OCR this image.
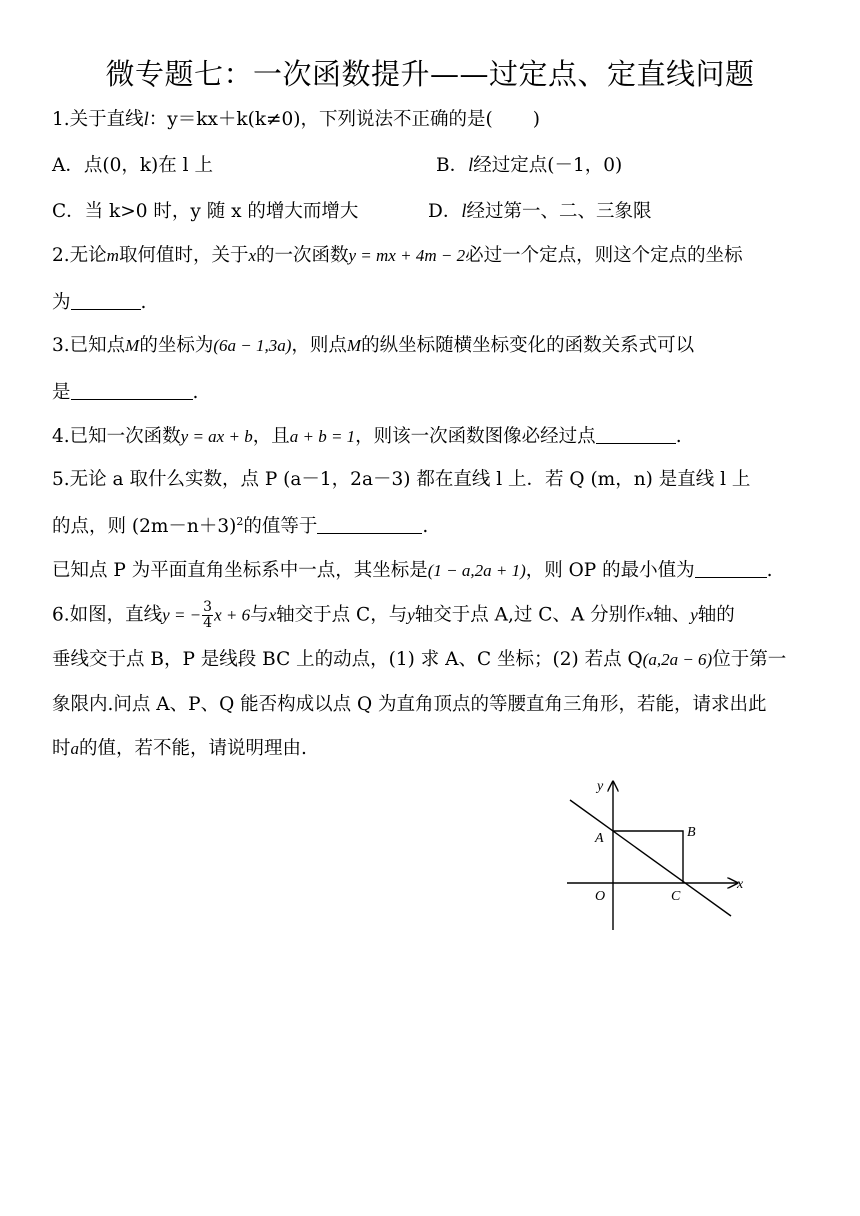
微专题七：一次函数提升——过定点、定直线问题
1.关于直线l：y＝kx＋k(k≠0)，下列说法不正确的是( )
A．点(0，k)在 l 上	B．l经过定点(－1，0)
C．当 k>0 时，y 随 x 的增大而增大	D．l经过第一、二、三象限
2.无论m取何值时，关于x的一次函数y = mx + 4m − 2必过一个定点，则这个定点的坐标
为	.
3.已知点M的坐标为(6a − 1,3a)，则点M的纵坐标随横坐标变化的函数关系式可以
是	.
4.已知一次函数y = ax + b，且a + b = 1，则该一次函数图像必经过点	.
5.无论 a 取什么实数，点 P (a－1，2a－3) 都在直线 l 上．若 Q (m，n) 是直线 l 上
的点，则 $(2m-n+3)^2$的值等于	.
已知点 P 为平面直角坐标系中一点，其坐标是(1 − a,2a + 1)，则 OP 的最小值为	.
6.如图，直线y = − $\frac{3}{4}$ x + 6与x轴交于点 C，与y轴交于点 A,过 C、A 分别作x轴、y轴的
垂线交于点 B，P 是线段 BC 上的动点，(1) 求 A、C 坐标；(2) 若点 Q(a,2a − 6)位于第一
象限内.问点 A、P、Q 能否构成以点 Q 为直角顶点的等腰直角三角形，若能，请求出此
时a的值，若不能，请说明理由.
y
x
A	B
O	C
